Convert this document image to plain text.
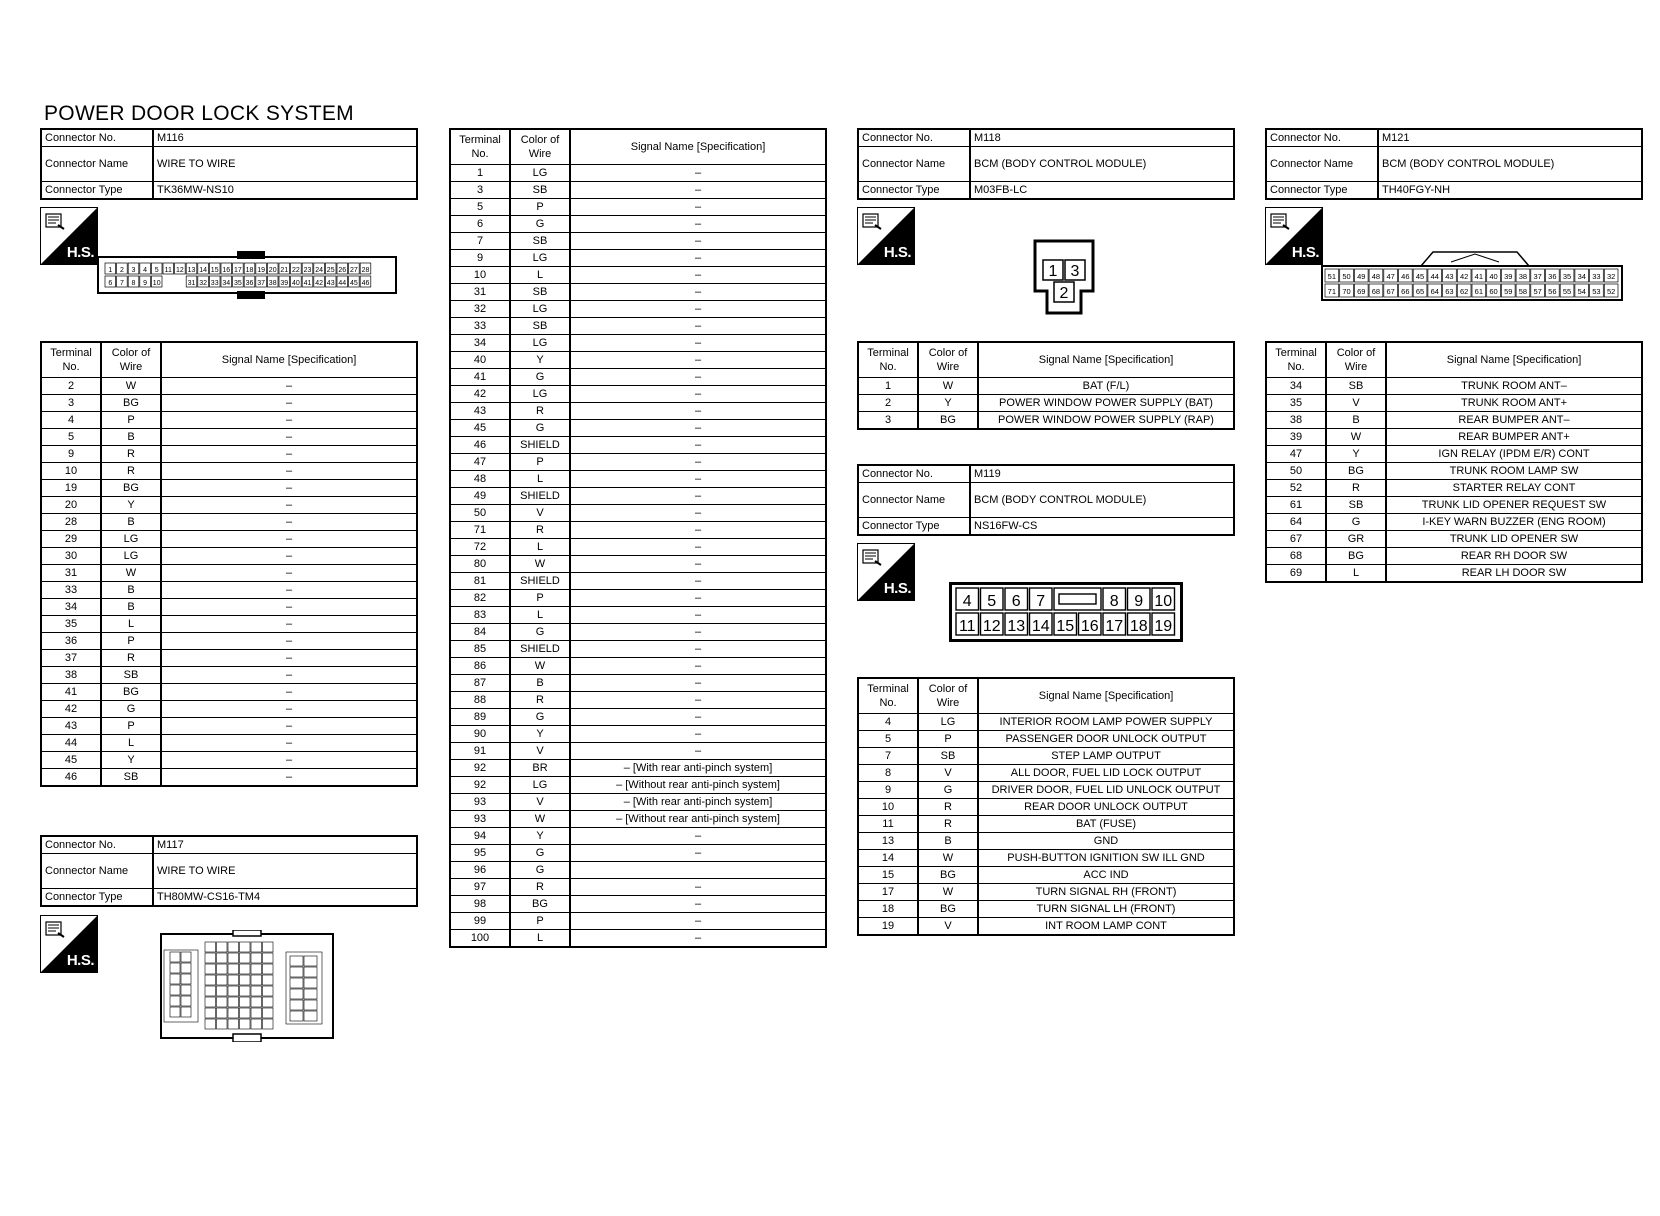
POWER DOOR LOCK SYSTEM
Connector No.	M116
Connector Name	WIRE TO WIRE
Connector Type	TK36MW-NS10
H.S.
1 2 3 4 5 11 12 13 14 15 16 17 18 19 20 21 22 23 24 25 26 27 28
6 7 8 9 10	31 32 33 34 35 36 37 38 39 40 41 42 43 44 45 46
Terminal No.	Color of Wire	Signal Name [Specification]
2	W	–
3	BG	–
4	P	–
5	B	–
9	R	–
10	R	–
19	BG	–
20	Y	–
28	B	–
29	LG	–
30	LG	–
31	W	–
33	B	–
34	B	–
35	L	–
36	P	–
37	R	–
38	SB	–
41	BG	–
42	G	–
43	P	–
44	L	–
45	Y	–
46	SB	–
Connector No.	M117
Connector Name	WIRE TO WIRE
Connector Type	TH80MW-CS16-TM4
H.S.
Terminal No.	Color of Wire	Signal Name [Specification]
1	LG	–
3	SB	–
5	P	–
6	G	–
7	SB	–
9	LG	–
10	L	–
31	SB	–
32	LG	–
33	SB	–
34	LG	–
40	Y	–
41	G	–
42	LG	–
43	R	–
45	G	–
46	SHIELD	–
47	P	–
48	L	–
49	SHIELD	–
50	V	–
71	R	–
72	L	–
80	W	–
81	SHIELD	–
82	P	–
83	L	–
84	G	–
85	SHIELD	–
86	W	–
87	B	–
88	R	–
89	G	–
90	Y	–
91	V	–
92	BR	– [With rear anti-pinch system]
92	LG	– [Without rear anti-pinch system]
93	V	– [With rear anti-pinch system]
93	W	– [Without rear anti-pinch system]
94	Y	–
95	G	–
96	G	
97	R	–
98	BG	–
99	P	–
100	L	–
Connector No.	M118
Connector Name	BCM (BODY CONTROL MODULE)
Connector Type	M03FB-LC
H.S.
1 3
2
Terminal No.	Color of Wire	Signal Name [Specification]
1	W	BAT (F/L)
2	Y	POWER WINDOW POWER SUPPLY (BAT)
3	BG	POWER WINDOW POWER SUPPLY (RAP)
Connector No.	M119
Connector Name	BCM (BODY CONTROL MODULE)
Connector Type	NS16FW-CS
H.S.
4 5 6 7	8 9 10
11 12 13 14 15 16 17 18 19
Terminal No.	Color of Wire	Signal Name [Specification]
4	LG	INTERIOR ROOM LAMP POWER SUPPLY
5	P	PASSENGER DOOR UNLOCK OUTPUT
7	SB	STEP LAMP OUTPUT
8	V	ALL DOOR, FUEL LID LOCK OUTPUT
9	G	DRIVER DOOR, FUEL LID UNLOCK OUTPUT
10	R	REAR DOOR UNLOCK OUTPUT
11	R	BAT (FUSE)
13	B	GND
14	W	PUSH-BUTTON IGNITION SW ILL GND
15	BG	ACC IND
17	W	TURN SIGNAL RH (FRONT)
18	BG	TURN SIGNAL LH (FRONT)
19	V	INT ROOM LAMP CONT
Connector No.	M121
Connector Name	BCM (BODY CONTROL MODULE)
Connector Type	TH40FGY-NH
H.S.
51 50 49 48 47 46 45 44 43 42 41 40 39 38 37 36 35 34 33 32
71 70 69 68 67 66 65 64 63 62 61 60 59 58 57 56 55 54 53 52
Terminal No.	Color of Wire	Signal Name [Specification]
34	SB	TRUNK ROOM ANT–
35	V	TRUNK ROOM ANT+
38	B	REAR BUMPER ANT–
39	W	REAR BUMPER ANT+
47	Y	IGN RELAY (IPDM E/R) CONT
50	BG	TRUNK ROOM LAMP SW
52	R	STARTER RELAY CONT
61	SB	TRUNK LID OPENER REQUEST SW
64	G	I-KEY WARN BUZZER (ENG ROOM)
67	GR	TRUNK LID OPENER SW
68	BG	REAR RH DOOR SW
69	L	REAR LH DOOR SW
